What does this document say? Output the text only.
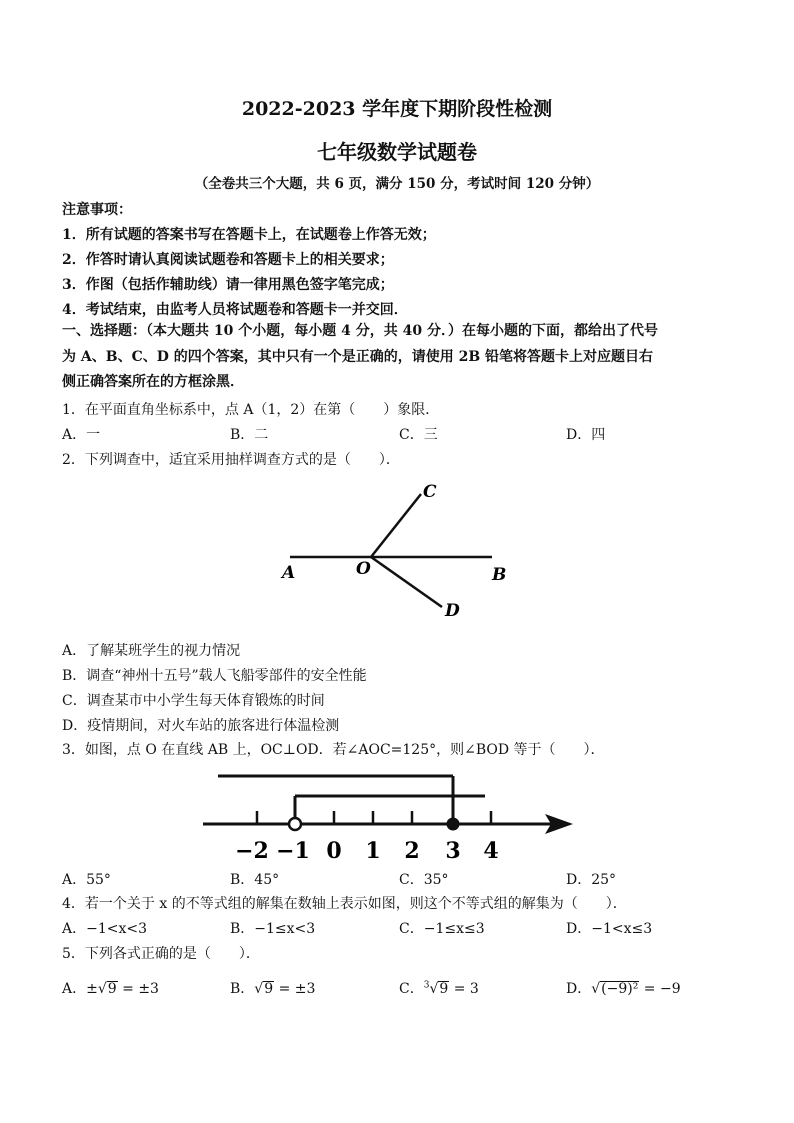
2022-2023 学年度下期阶段性检测
七年级数学试题卷
（全卷共三个大题，共 6 页，满分 150 分，考试时间 120 分钟）
注意事项：
1．所有试题的答案书写在答题卡上，在试题卷上作答无效；
2．作答时请认真阅读试题卷和答题卡上的相关要求；
3．作图（包括作辅助线）请一律用黑色签字笔完成；
4．考试结束，由监考人员将试题卷和答题卡一并交回．
一、选择题：（本大题共 10 个小题，每小题 4 分，共 40 分．）在每小题的下面，都给出了代号
为 A、B、C、D 的四个答案，其中只有一个是正确的，请使用 2B 铅笔将答题卡上对应题目右
侧正确答案所在的方框涂黑．
1．在平面直角坐标系中，点 A（1，2）在第（　　）象限．
A．一	B．二	C．三	D．四
2．下列调查中，适宜采用抽样调查方式的是（　　）．
A	O	B
C
D
A．了解某班学生的视力情况
B．调查“神州十五号”载人飞船零部件的安全性能
C．调查某市中小学生每天体育锻炼的时间
D．疫情期间，对火车站的旅客进行体温检测
3．如图，点 O 在直线 AB 上，OC⊥OD．若∠AOC=125°，则∠BOD 等于（　　）．
−2 −1 0 1 2 3 4
A．55°	B．45°	C．35°	D．25°
4．若一个关于 x 的不等式组的解集在数轴上表示如图，则这个不等式组的解集为（　　）．
A．−1<x<3	B．−1≤x<3	C．−1≤x≤3	D．−1<x≤3
5．下列各式正确的是（　　）．
A．±√9 = ±3	B．√9 = ±3	C．$^3$√9 = 3	D．√(−9)² = −9
